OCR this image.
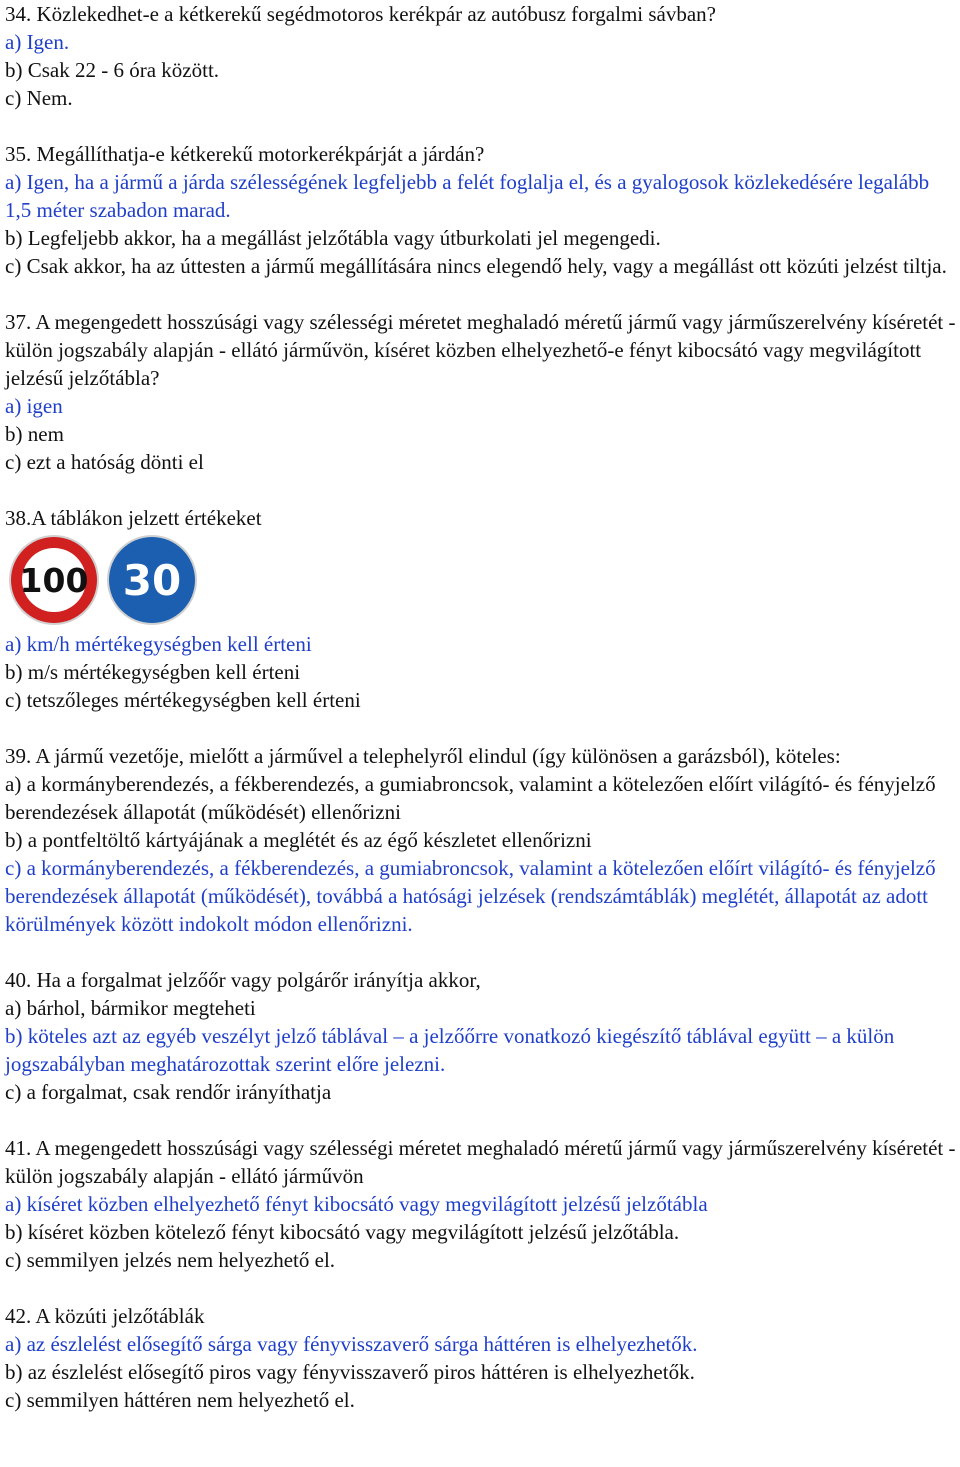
34. Közlekedhet-e a kétkerekű segédmotoros kerékpár az autóbusz forgalmi sávban?
a) Igen.
b) Csak 22 - 6 óra között.
c) Nem.
35. Megállíthatja-e kétkerekű motorkerékpárját a járdán?
a) Igen, ha a jármű a járda szélességének legfeljebb a felét foglalja el, és a gyalogosok közlekedésére legalább 1,5 méter szabadon marad.
b) Legfeljebb akkor, ha a megállást jelzőtábla vagy útburkolati jel megengedi.
c) Csak akkor, ha az úttesten a jármű megállítására nincs elegendő hely, vagy a megállást ott közúti jelzést tiltja.
37. A megengedett hosszúsági vagy szélességi méretet meghaladó méretű jármű vagy járműszerelvény kíséretét - külön jogszabály alapján - ellátó járművön, kíséret közben elhelyezhető-e fényt kibocsátó vagy megvilágított jelzésű jelzőtábla?
a) igen
b) nem
c) ezt a hatóság dönti el
38.A táblákon jelzett értékeket
100 30
a) km/h mértékegységben kell érteni
b) m/s mértékegységben kell érteni
c) tetszőleges mértékegységben kell érteni
39. A jármű vezetője, mielőtt a járművel a telephelyről elindul (így különösen a garázsból), köteles:
a) a kormányberendezés, a fékberendezés, a gumiabroncsok, valamint a kötelezően előírt világító- és fényjelző berendezések állapotát (működését) ellenőrizni
b) a pontfeltöltő kártyájának a meglétét és az égő készletet ellenőrizni
c) a kormányberendezés, a fékberendezés, a gumiabroncsok, valamint a kötelezően előírt világító- és fényjelző berendezések állapotát (működését), továbbá a hatósági jelzések (rendszámtáblák) meglétét, állapotát az adott körülmények között indokolt módon ellenőrizni.
40. Ha a forgalmat jelzőőr vagy polgárőr irányítja akkor,
a) bárhol, bármikor megteheti
b) köteles azt az egyéb veszélyt jelző táblával – a jelzőőrre vonatkozó kiegészítő táblával együtt – a külön jogszabályban meghatározottak szerint előre jelezni.
c) a forgalmat, csak rendőr irányíthatja
41. A megengedett hosszúsági vagy szélességi méretet meghaladó méretű jármű vagy járműszerelvény kíséretét - külön jogszabály alapján - ellátó járművön
a) kíséret közben elhelyezhető fényt kibocsátó vagy megvilágított jelzésű jelzőtábla
b) kíséret közben kötelező fényt kibocsátó vagy megvilágított jelzésű jelzőtábla.
c) semmilyen jelzés nem helyezhető el.
42. A közúti jelzőtáblák
a) az észlelést elősegítő sárga vagy fényvisszaverő sárga háttéren is elhelyezhetők.
b) az észlelést elősegítő piros vagy fényvisszaverő piros háttéren is elhelyezhetők.
c) semmilyen háttéren nem helyezhető el.
